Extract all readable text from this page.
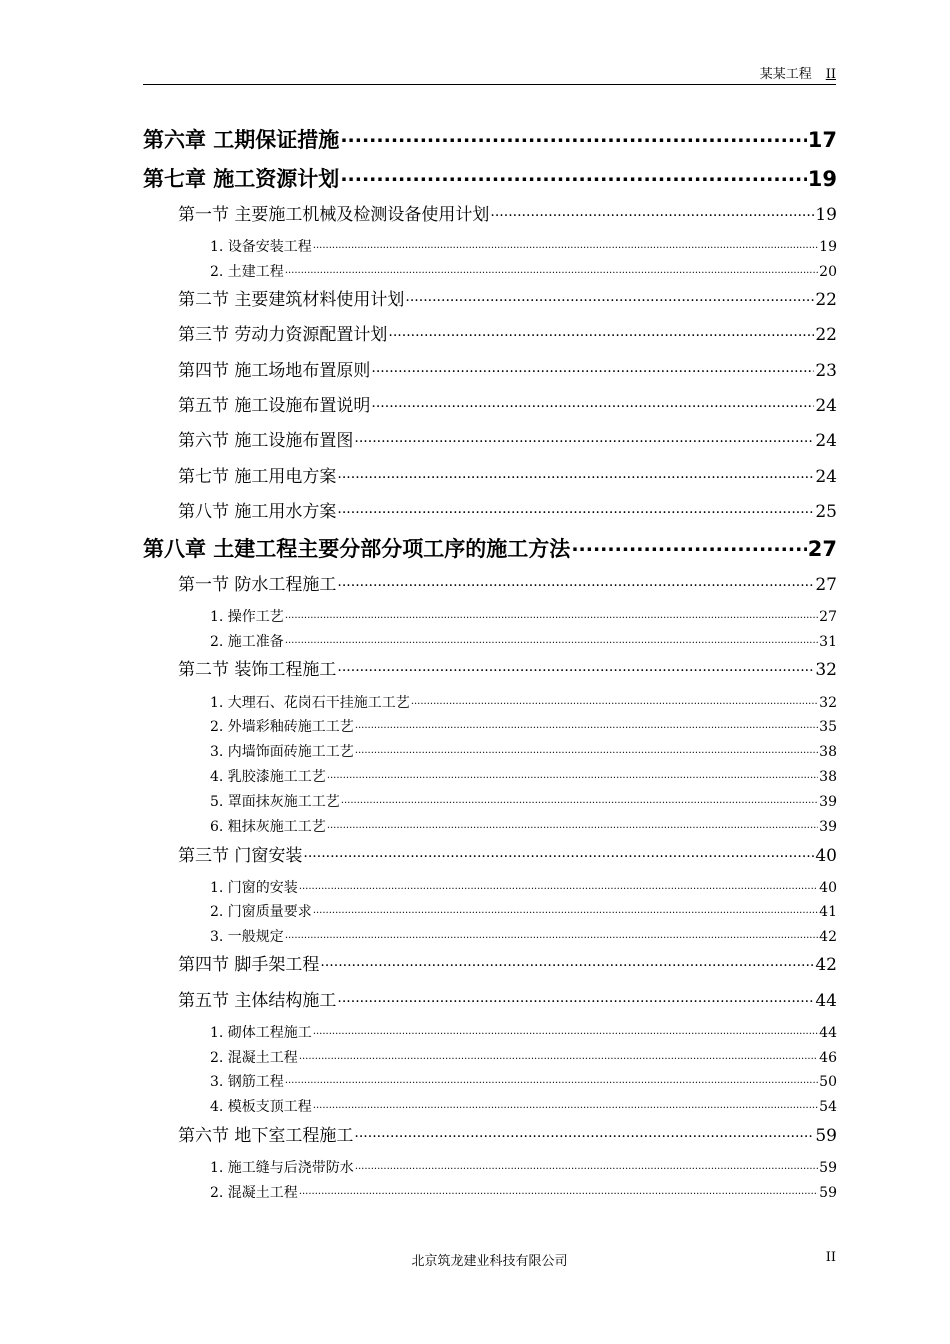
某某工程 II
第六章 工期保证措施 .....	17
第七章 施工资源计划 .....	19
第一节 主要施工机械及检测设备使用计划 .....	19
1. 设备安装工程 .....	19
2. 土建工程 .....	20
第二节 主要建筑材料使用计划 .....	22
第三节 劳动力资源配置计划 .....	22
第四节 施工场地布置原则 .....	23
第五节 施工设施布置说明 .....	24
第六节 施工设施布置图 .....	24
第七节 施工用电方案 .....	24
第八节 施工用水方案 .....	25
第八章 土建工程主要分部分项工序的施工方法 .....	27
第一节 防水工程施工 .....	27
1. 操作工艺 .....	27
2. 施工准备 .....	31
第二节 装饰工程施工 .....	32
1. 大理石、花岗石干挂施工工艺 .....	32
2. 外墙彩釉砖施工工艺 .....	35
3. 内墙饰面砖施工工艺 .....	38
4. 乳胶漆施工工艺 .....	38
5. 罩面抹灰施工工艺 .....	39
6. 粗抹灰施工工艺 .....	39
第三节 门窗安装 .....	40
1. 门窗的安装 .....	40
2. 门窗质量要求 .....	41
3. 一般规定 .....	42
第四节 脚手架工程 .....	42
第五节 主体结构施工 .....	44
1. 砌体工程施工 .....	44
2. 混凝土工程 .....	46
3. 钢筋工程 .....	50
4. 模板支顶工程 .....	54
第六节 地下室工程施工 .....	59
1. 施工缝与后浇带防水 .....	59
2. 混凝土工程 .....	59
北京筑龙建业科技有限公司	II
